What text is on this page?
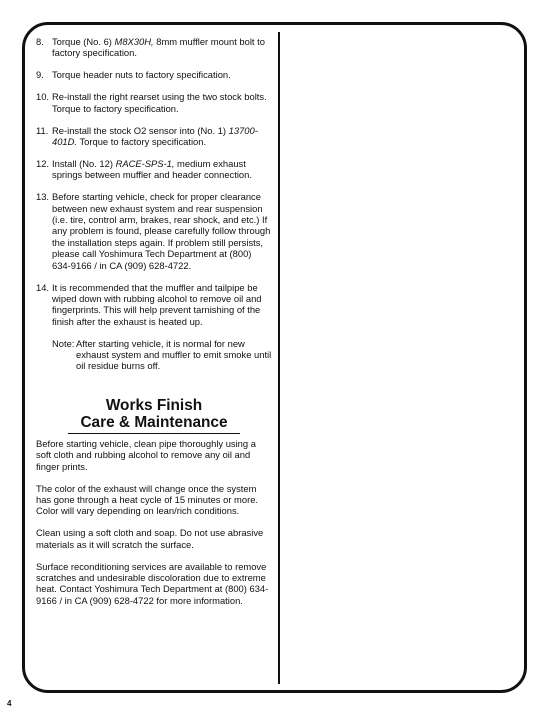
8. Torque (No. 6) M8X30H, 8mm muffler mount bolt to factory specification.
9. Torque header nuts to factory specification.
10. Re-install the right rearset using the two stock bolts. Torque to factory specification.
11. Re-install the stock O2 sensor into (No. 1) 13700-401D. Torque to factory specification.
12. Install (No. 12) RACE-SPS-1, medium exhaust springs between muffler and header connection.
13. Before starting vehicle, check for proper clearance between new exhaust system and rear suspension (i.e. tire, control arm, brakes, rear shock, and etc.) If any problem is found, please carefully follow through the installation steps again. If problem still persists, please call Yoshimura Tech Department at (800) 634-9166 / in CA (909) 628-4722.
14. It is recommended that the muffler and tailpipe be wiped down with rubbing alcohol to remove oil and fingerprints. This will help prevent tarnishing of the finish after the exhaust is heated up.
Note: After starting vehicle, it is normal for new exhaust system and muffler to emit smoke until oil residue burns off.
Works Finish
Care & Maintenance

Before starting vehicle, clean pipe thoroughly using a soft cloth and rubbing alcohol to remove any oil and finger prints.

The color of the exhaust will change once the system has gone through a heat cycle of 15 minutes or more. Color will vary depending on lean/rich conditions.

Clean using a soft cloth and soap. Do not use abrasive materials as it will scratch the surface.

Surface reconditioning services are available to remove scratches and undesirable discoloration due to extreme heat. Contact Yoshimura Tech Department at (800) 634-9166 / in CA (909) 628-4722 for more information.

4
